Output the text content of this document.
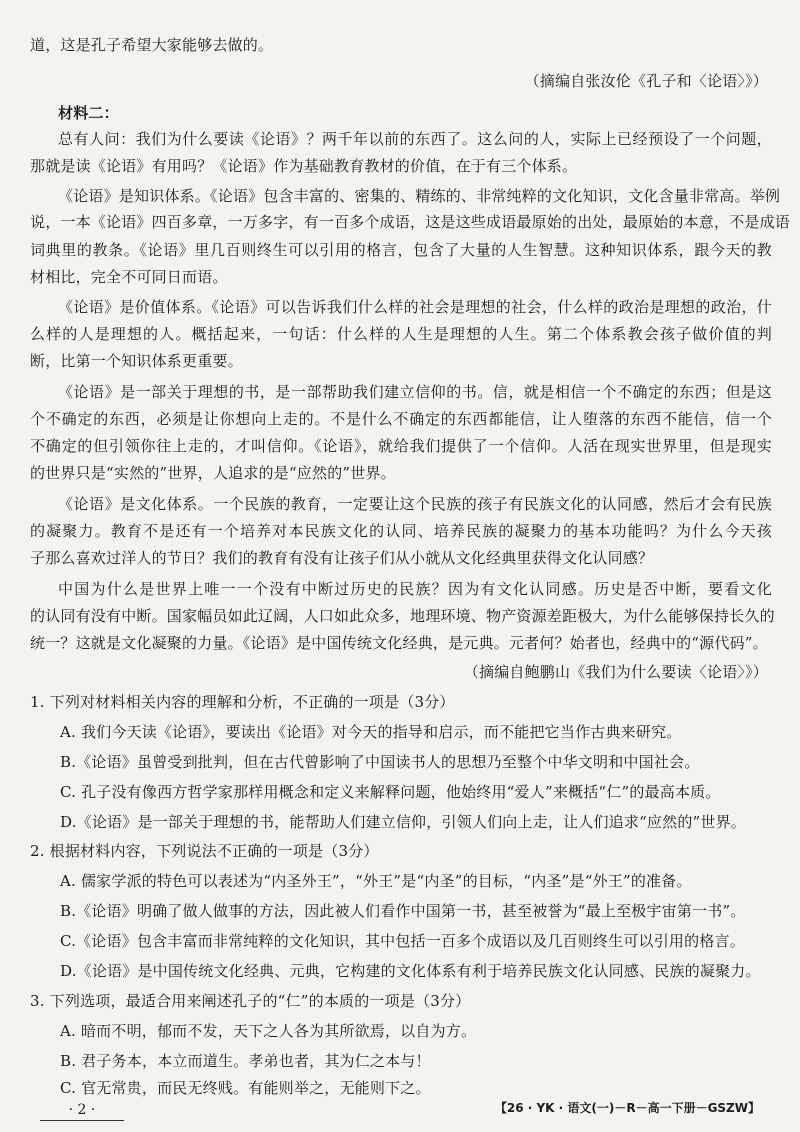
道，这是孔子希望大家能够去做的。
（摘编自张汝伦《孔子和〈论语〉》）
材料二：
总有人问：我们为什么要读《论语》？两千年以前的东西了。这么问的人，实际上已经预设了一个问题，
那就是读《论语》有用吗？《论语》作为基础教育教材的价值，在于有三个体系。
《论语》是知识体系。《论语》包含丰富的、密集的、精练的、非常纯粹的文化知识，文化含量非常高。举例
说，一本《论语》四百多章，一万多字，有一百多个成语，这是这些成语最原始的出处，最原始的本意，不是成语
词典里的教条。《论语》里几百则终生可以引用的格言，包含了大量的人生智慧。这种知识体系，跟今天的教
材相比，完全不可同日而语。
《论语》是价值体系。《论语》可以告诉我们什么样的社会是理想的社会，什么样的政治是理想的政治，什
么样的人是理想的人。概括起来，一句话：什么样的人生是理想的人生。第二个体系教会孩子做价值的判
断，比第一个知识体系更重要。
《论语》是一部关于理想的书，是一部帮助我们建立信仰的书。信，就是相信一个不确定的东西；但是这
个不确定的东西，必须是让你想向上走的。不是什么不确定的东西都能信，让人堕落的东西不能信，信一个
不确定的但引领你往上走的，才叫信仰。《论语》，就给我们提供了一个信仰。人活在现实世界里，但是现实
的世界只是“实然的”世界，人追求的是“应然的”世界。
《论语》是文化体系。一个民族的教育，一定要让这个民族的孩子有民族文化的认同感，然后才会有民族
的凝聚力。教育不是还有一个培养对本民族文化的认同、培养民族的凝聚力的基本功能吗？为什么今天孩
子那么喜欢过洋人的节日？我们的教育有没有让孩子们从小就从文化经典里获得文化认同感？
中国为什么是世界上唯一一个没有中断过历史的民族？因为有文化认同感。历史是否中断，要看文化
的认同有没有中断。国家幅员如此辽阔，人口如此众多，地理环境、物产资源差距极大，为什么能够保持长久的
统一？这就是文化凝聚的力量。《论语》是中国传统文化经典，是元典。元者何？始者也，经典中的“源代码”。
（摘编自鲍鹏山《我们为什么要读〈论语〉》）
1. 下列对材料相关内容的理解和分析，不正确的一项是（3分）
A. 我们今天读《论语》，要读出《论语》对今天的指导和启示，而不能把它当作古典来研究。
B.《论语》虽曾受到批判，但在古代曾影响了中国读书人的思想乃至整个中华文明和中国社会。
C. 孔子没有像西方哲学家那样用概念和定义来解释问题，他始终用“爱人”来概括“仁”的最高本质。
D.《论语》是一部关于理想的书，能帮助人们建立信仰，引领人们向上走，让人们追求“应然的”世界。
2. 根据材料内容，下列说法不正确的一项是（3分）
A. 儒家学派的特色可以表述为“内圣外王”，“外王”是“内圣”的目标，“内圣”是“外王”的准备。
B.《论语》明确了做人做事的方法，因此被人们看作中国第一书，甚至被誉为“最上至极宇宙第一书”。
C.《论语》包含丰富而非常纯粹的文化知识，其中包括一百多个成语以及几百则终生可以引用的格言。
D.《论语》是中国传统文化经典、元典，它构建的文化体系有利于培养民族文化认同感、民族的凝聚力。
3. 下列选项，最适合用来阐述孔子的“仁”的本质的一项是（3分）
A. 暗而不明，郁而不发，天下之人各为其所欲焉，以自为方。
B. 君子务本，本立而道生。孝弟也者，其为仁之本与！
C. 官无常贵，而民无终贱。有能则举之，无能则下之。
· 2 ·	【26 · YK · 语文(一)－R－高一下册－GSZW】
